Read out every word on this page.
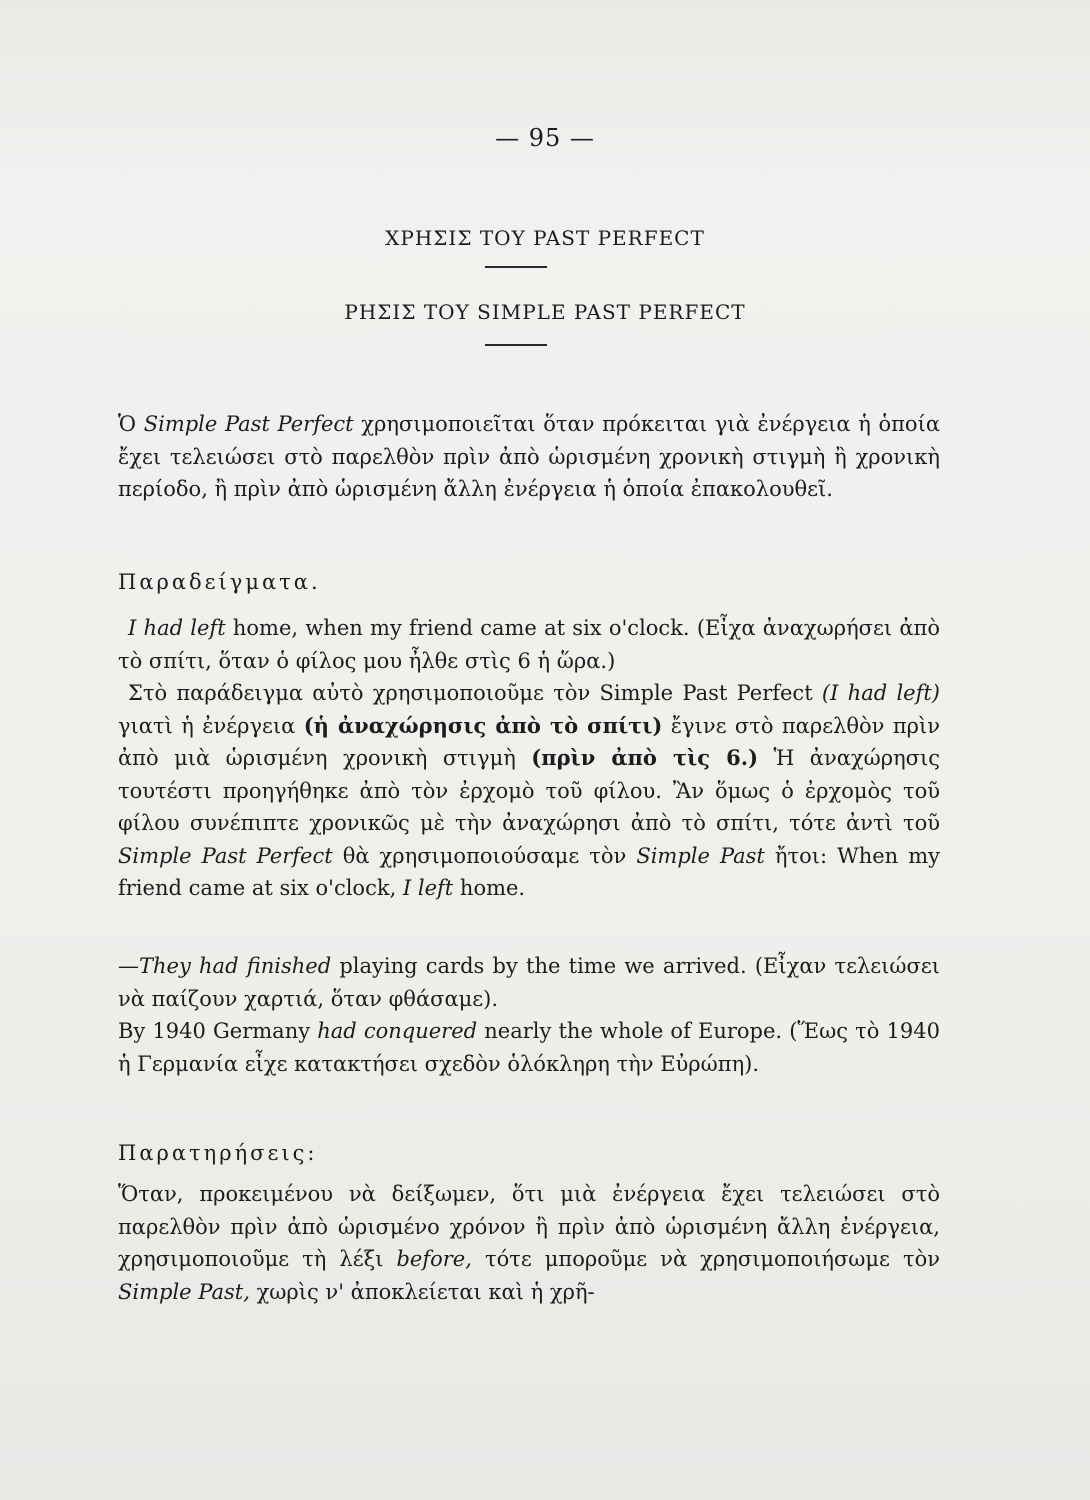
— 95 —
ΧΡΗΣΙΣ ΤΟΥ PAST PERFECT
ΡΗΣΙΣ ΤΟΥ SIMPLE PAST PERFECT

Ὁ Simple Past Perfect χρησιμοποιεῖται ὅταν πρόκειται γιὰ ἐνέργεια ἡ ὁποία ἔχει τελειώσει στὸ παρελθὸν πρὶν ἀπὸ ὡρισμένη χρονικὴ στιγμὴ ἢ χρονικὴ περίοδο, ἢ πρὶν ἀπὸ ὡρισμένη ἄλλη ἐνέργεια ἡ ὁποία ἐπακολουθεῖ.

Παραδείγματα.

I had left home, when my friend came at six o'clock. (Εἶχα ἀναχωρήσει ἀπὸ τὸ σπίτι, ὅταν ὁ φίλος μου ἦλθε στὶς 6 ἡ ὥρα.)

Στὸ παράδειγμα αὐτὸ χρησιμοποιοῦμε τὸν Simple Past Perfect (I had left) γιατὶ ἡ ἐνέργεια (ἡ ἀναχώρησις ἀπὸ τὸ σπίτι) ἔγινε στὸ παρελθὸν πρὶν ἀπὸ μιὰ ὡρισμένη χρονικὴ στιγμὴ (πρὶν ἀπὸ τὶς 6.) Ἡ ἀναχώρησις τουτέστι προηγήθηκε ἀπὸ τὸν ἐρχομὸ τοῦ φίλου. Ἂν ὅμως ὁ ἐρχομὸς τοῦ φίλου συνέπιπτε χρονικῶς μὲ τὴν ἀναχώρησι ἀπὸ τὸ σπίτι, τότε ἀντὶ τοῦ Simple Past Perfect θὰ χρησιμοποιούσαμε τὸν Simple Past ἤτοι: When my friend came at six o'clock, I left home.

—They had finished playing cards by the time we arrived. (Εἶχαν τελειώσει νὰ παίζουν χαρτιά, ὅταν φθάσαμε).

By 1940 Germany had conquered nearly the whole of Europe. (Ἕως τὸ 1940 ἡ Γερμανία εἶχε κατακτήσει σχεδὸν ὁλόκληρη τὴν Εὐρώπη).

Παρατηρήσεις:

Ὅταν, προκειμένου νὰ δείξωμεν, ὅτι μιὰ ἐνέργεια ἔχει τελειώσει στὸ παρελθὸν πρὶν ἀπὸ ὡρισμένο χρόνον ἢ πρὶν ἀπὸ ὡρισμένη ἄλλη ἐνέργεια, χρησιμοποιοῦμε τὴ λέξι before, τότε μποροῦμε νὰ χρησιμοποιήσωμε τὸν Simple Past, χωρὶς ν' ἀποκλείεται καὶ ἡ χρῆ-
